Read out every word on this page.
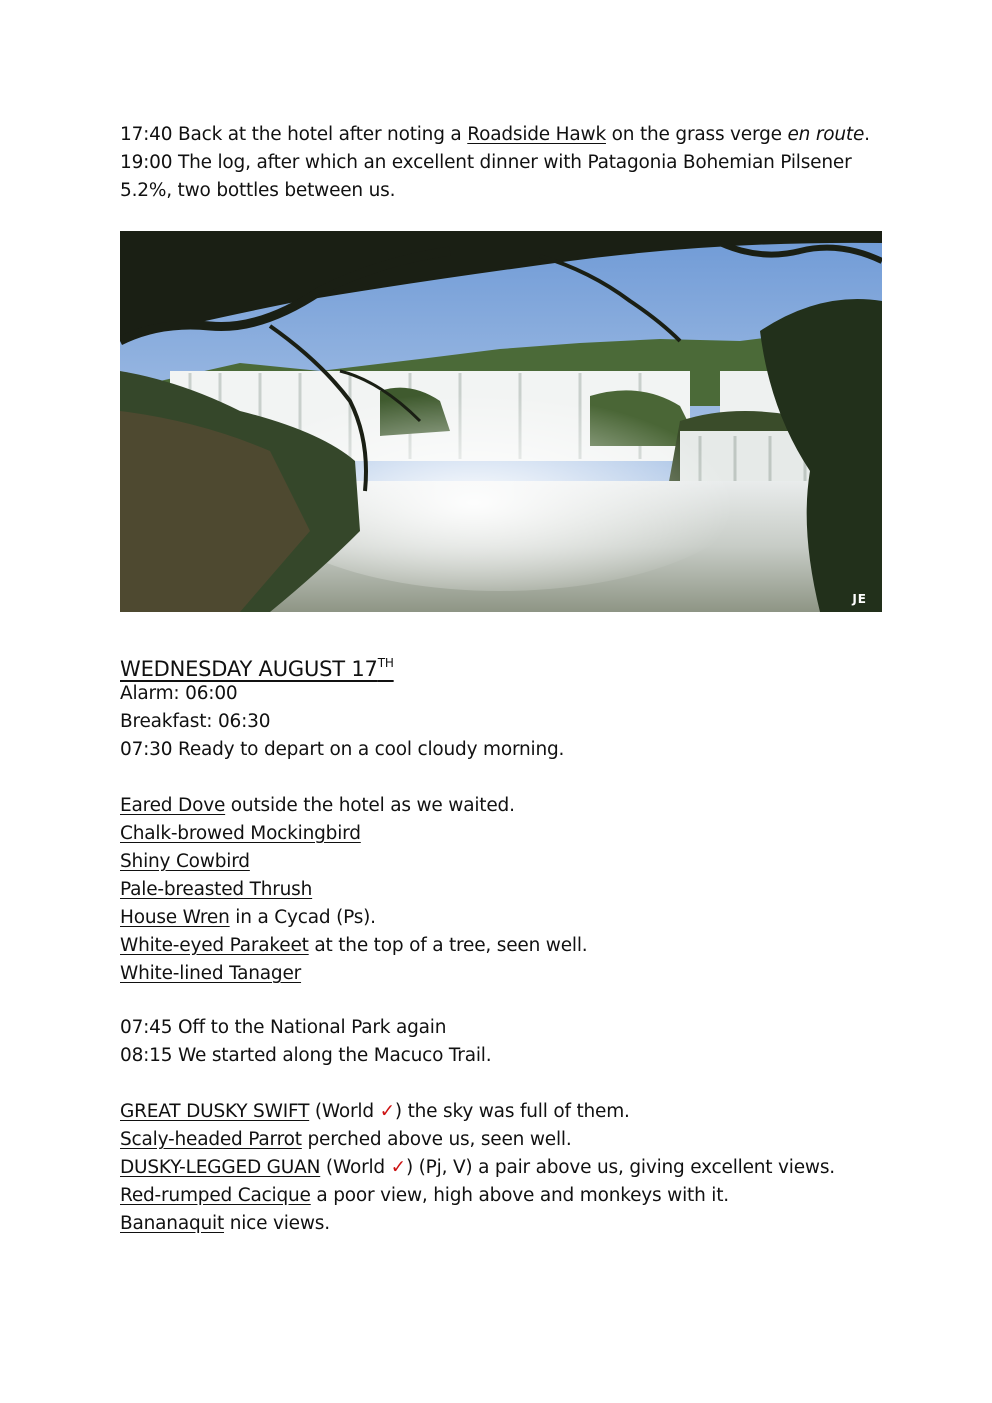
17:40 Back at the hotel after noting a Roadside Hawk on the grass verge en route.
19:00 The log, after which an excellent dinner with Patagonia Bohemian Pilsener
5.2%, two bottles between us.
JE
WEDNESDAY AUGUST 17TH
Alarm: 06:00
Breakfast: 06:30
07:30 Ready to depart on a cool cloudy morning.
Eared Dove outside the hotel as we waited.
Chalk-browed Mockingbird
Shiny Cowbird
Pale-breasted Thrush
House Wren in a Cycad (Ps).
White-eyed Parakeet at the top of a tree, seen well.
White-lined Tanager
07:45 Off to the National Park again
08:15 We started along the Macuco Trail.
GREAT DUSKY SWIFT (World ✓) the sky was full of them.
Scaly-headed Parrot perched above us, seen well.
DUSKY-LEGGED GUAN (World ✓) (Pj, V) a pair above us, giving excellent views.
Red-rumped Cacique a poor view, high above and monkeys with it.
Bananaquit nice views.
